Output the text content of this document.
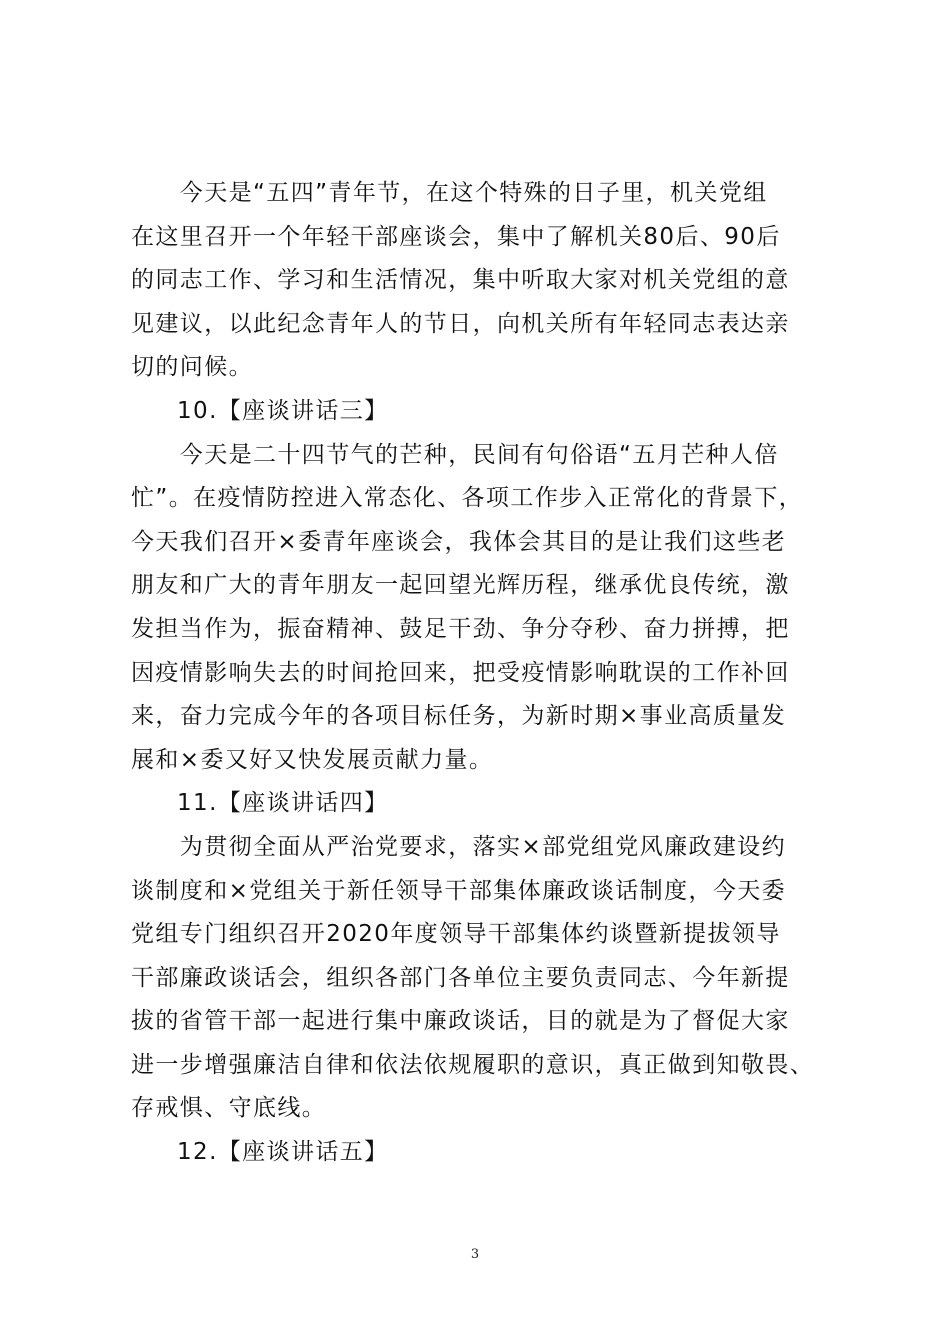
　　今天是“五四”青年节，在这个特殊的日子里，机关党组
在这里召开一个年轻干部座谈会，集中了解机关80后、90后
的同志工作、学习和生活情况，集中听取大家对机关党组的意
见建议，以此纪念青年人的节日，向机关所有年轻同志表达亲
切的问候。
10.【座谈讲话三】
　　今天是二十四节气的芒种，民间有句俗语“五月芒种人倍
忙”。在疫情防控进入常态化、各项工作步入正常化的背景下，
今天我们召开×委青年座谈会，我体会其目的是让我们这些老
朋友和广大的青年朋友一起回望光辉历程，继承优良传统，激
发担当作为，振奋精神、鼓足干劲、争分夺秒、奋力拼搏，把
因疫情影响失去的时间抢回来，把受疫情影响耽误的工作补回
来，奋力完成今年的各项目标任务，为新时期×事业高质量发
展和×委又好又快发展贡献力量。
11.【座谈讲话四】
　　为贯彻全面从严治党要求，落实×部党组党风廉政建设约
谈制度和×党组关于新任领导干部集体廉政谈话制度，今天委
党组专门组织召开2020年度领导干部集体约谈暨新提拔领导
干部廉政谈话会，组织各部门各单位主要负责同志、今年新提
拔的省管干部一起进行集中廉政谈话，目的就是为了督促大家
进一步增强廉洁自律和依法依规履职的意识，真正做到知敬畏、
存戒惧、守底线。
12.【座谈讲话五】
3
